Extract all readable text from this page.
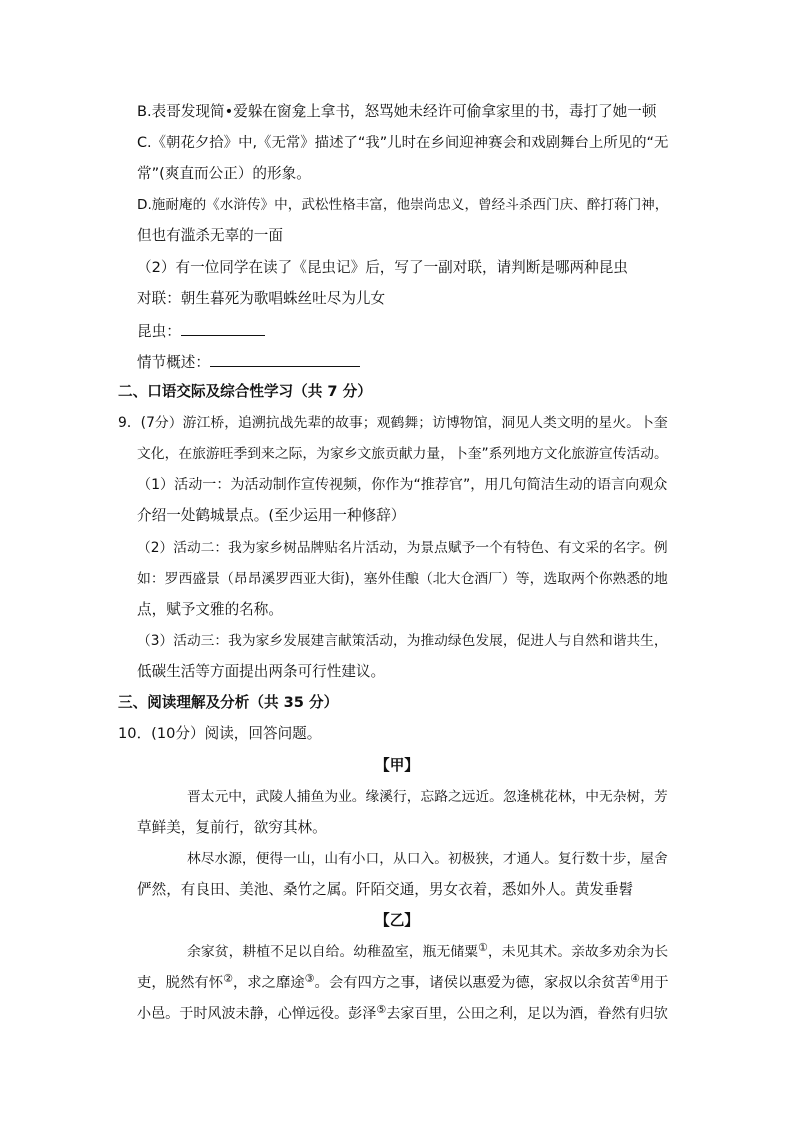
B.表哥发现简•爱躲在窗龛上拿书，怒骂她未经许可偷拿家里的书，毒打了她一顿
C.《朝花夕拾》中,《无常》描述了“我”儿时在乡间迎神赛会和戏剧舞台上所见的“无
常”(爽直而公正）的形象。
D.施耐庵的《水浒传》中，武松性格丰富，他崇尚忠义，曾经斗杀西门庆、醉打蒋门神，
但也有滥杀无辜的一面
（2）有一位同学在读了《昆虫记》后，写了一副对联，请判断是哪两种昆虫
对联：朝生暮死为歌唱蛛丝吐尽为儿女
昆虫：
情节概述：
二、口语交际及综合性学习（共 7 分）
9．(7分）游江桥，追溯抗战先辈的故事；观鹤舞；访博物馆，洞见人类文明的星火。卜奎
文化，在旅游旺季到来之际，为家乡文旅贡献力量，卜奎”系列地方文化旅游宣传活动。
（1）活动一：为活动制作宣传视频，你作为“推荐官”，用几句简洁生动的语言向观众
介绍一处鹤城景点。(至少运用一种修辞）
（2）活动二：我为家乡树品牌贴名片活动，为景点赋予一个有特色、有文采的名字。例
如：罗西盛景（昂昂溪罗西亚大街)，塞外佳酿（北大仓酒厂）等，选取两个你熟悉的地
点，赋予文雅的名称。
（3）活动三：我为家乡发展建言献策活动，为推动绿色发展，促进人与自然和谐共生，
低碳生活等方面提出两条可行性建议。
三、阅读理解及分析（共 35 分）
10．(10分）阅读，回答问题。
【甲】
晋太元中，武陵人捕鱼为业。缘溪行，忘路之远近。忽逢桃花林，中无杂树，芳
草鲜美，复前行，欲穷其林。
林尽水源，便得一山，山有小口，从口入。初极狭，才通人。复行数十步，屋舍
俨然，有良田、美池、桑竹之属。阡陌交通，男女衣着，悉如外人。黄发垂髫
【乙】
余家贫，耕植不足以自给。幼稚盈室，瓶无储粟①，未见其术。亲故多劝余为长
吏，脱然有怀②，求之靡途③。会有四方之事，诸侯以惠爱为德，家叔以余贫苦④用于
小邑。于时风波未静，心惮远役。彭泽⑤去家百里，公田之利，足以为酒，眷然有归欤
